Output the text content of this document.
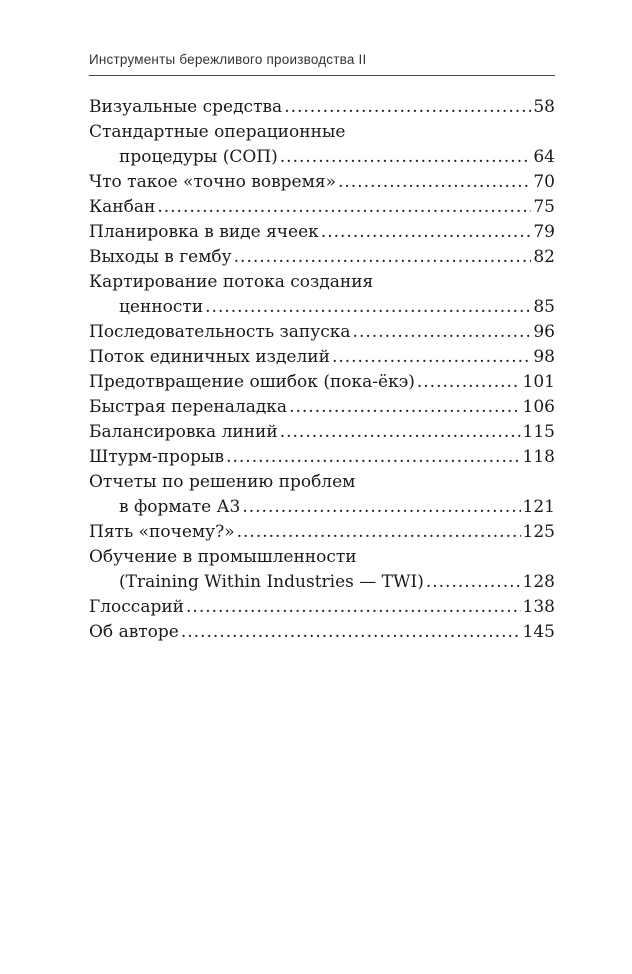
Инструменты бережливого производства II
Визуальные средства .....	58
Стандартные операционные
процедуры (СОП) .....	64
Что такое «точно вовремя» .....	70
Канбан .....	75
Планировка в виде ячеек .....	79
Выходы в гембу .....	82
Картирование потока создания
ценности .....	85
Последовательность запуска .....	96
Поток единичных изделий .....	98
Предотвращение ошибок (пока-ёкэ) .....	101
Быстрая переналадка .....	106
Балансировка линий .....	115
Штурм-прорыв .....	118
Отчеты по решению проблем
в формате А3 .....	121
Пять «почему?» .....	125
Обучение в промышленности
(Training Within Industries — TWI) .....	128
Глоссарий .....	138
Об авторе .....	145
